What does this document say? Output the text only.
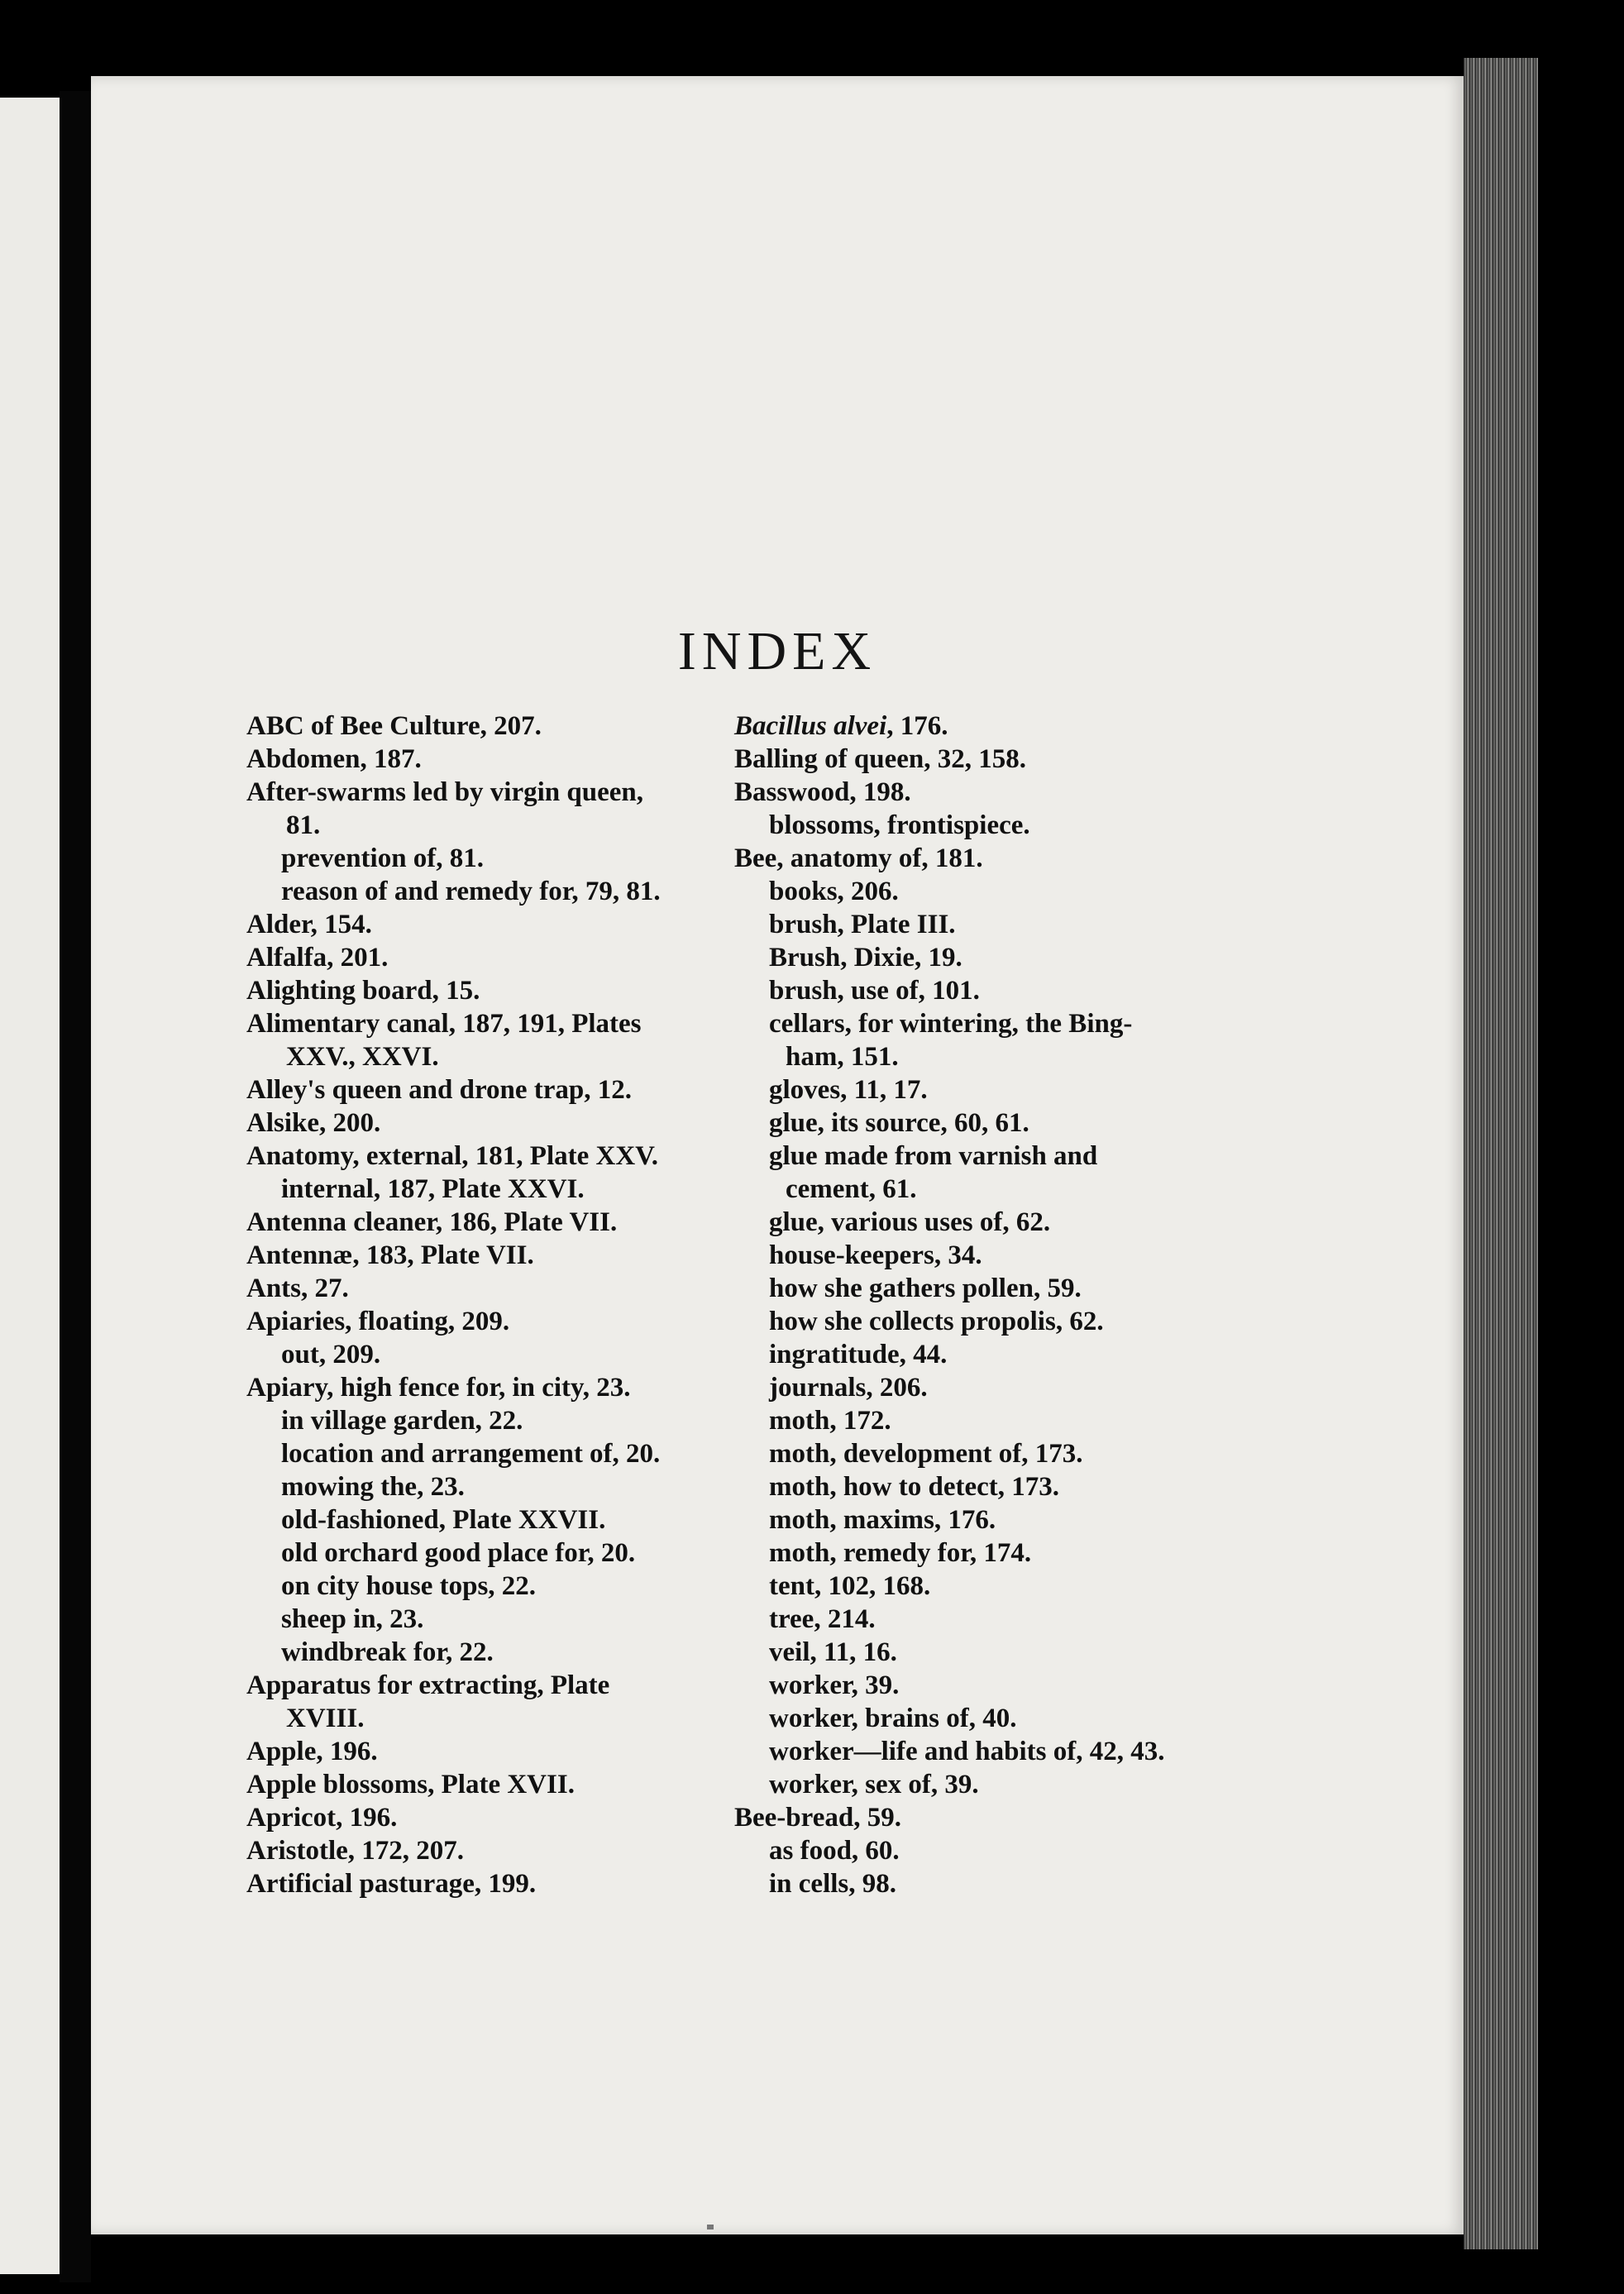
INDEX
ABC of Bee Culture, 207.
Abdomen, 187.
After-swarms led by virgin queen,
81.
prevention of, 81.
reason of and remedy for, 79, 81.
Alder, 154.
Alfalfa, 201.
Alighting board, 15.
Alimentary canal, 187, 191, Plates
XXV., XXVI.
Alley's queen and drone trap, 12.
Alsike, 200.
Anatomy, external, 181, Plate XXV.
internal, 187, Plate XXVI.
Antenna cleaner, 186, Plate VII.
Antennæ, 183, Plate VII.
Ants, 27.
Apiaries, floating, 209.
out, 209.
Apiary, high fence for, in city, 23.
in village garden, 22.
location and arrangement of, 20.
mowing the, 23.
old-fashioned, Plate XXVII.
old orchard good place for, 20.
on city house tops, 22.
sheep in, 23.
windbreak for, 22.
Apparatus for extracting, Plate
XVIII.
Apple, 196.
Apple blossoms, Plate XVII.
Apricot, 196.
Aristotle, 172, 207.
Artificial pasturage, 199.
Bacillus alvei, 176.
Balling of queen, 32, 158.
Basswood, 198.
blossoms, frontispiece.
Bee, anatomy of, 181.
books, 206.
brush, Plate III.
Brush, Dixie, 19.
brush, use of, 101.
cellars, for wintering, the Bing-
ham, 151.
gloves, 11, 17.
glue, its source, 60, 61.
glue made from varnish and
cement, 61.
glue, various uses of, 62.
house-keepers, 34.
how she gathers pollen, 59.
how she collects propolis, 62.
ingratitude, 44.
journals, 206.
moth, 172.
moth, development of, 173.
moth, how to detect, 173.
moth, maxims, 176.
moth, remedy for, 174.
tent, 102, 168.
tree, 214.
veil, 11, 16.
worker, 39.
worker, brains of, 40.
worker—life and habits of, 42, 43.
worker, sex of, 39.
Bee-bread, 59.
as food, 60.
in cells, 98.
